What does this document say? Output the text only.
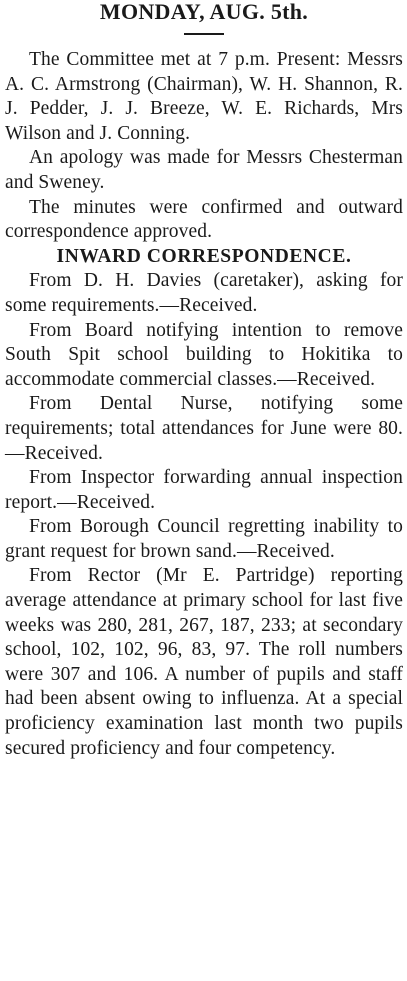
MONDAY, AUG. 5th.

The Committee met at 7 p.m. Present: Messrs A. C. Armstrong (Chairman), W. H. Shannon, R. J. Pedder, J. J. Breeze, W. E. Richards, Mrs Wilson and J. Conning.

An apology was made for Messrs Chesterman and Sweney.

The minutes were confirmed and outward correspondence approved.

INWARD CORRESPONDENCE.

From D. H. Davies (caretaker), asking for some requirements.—Received.

From Board notifying intention to remove South Spit school building to Hokitika to accommodate commercial classes.—Received.

From Dental Nurse, notifying some requirements; total attendances for June were 80.—Received.

From Inspector forwarding annual inspection report.—Received.

From Borough Council regretting inability to grant request for brown sand.—Received.

From Rector (Mr E. Partridge) reporting average attendance at primary school for last five weeks was 280, 281, 267, 187, 233; at secondary school, 102, 102, 96, 83, 97. The roll numbers were 307 and 106. A number of pupils and staff had been absent owing to influenza. At a special proficiency examination last month two pupils secured proficiency and four competency.
